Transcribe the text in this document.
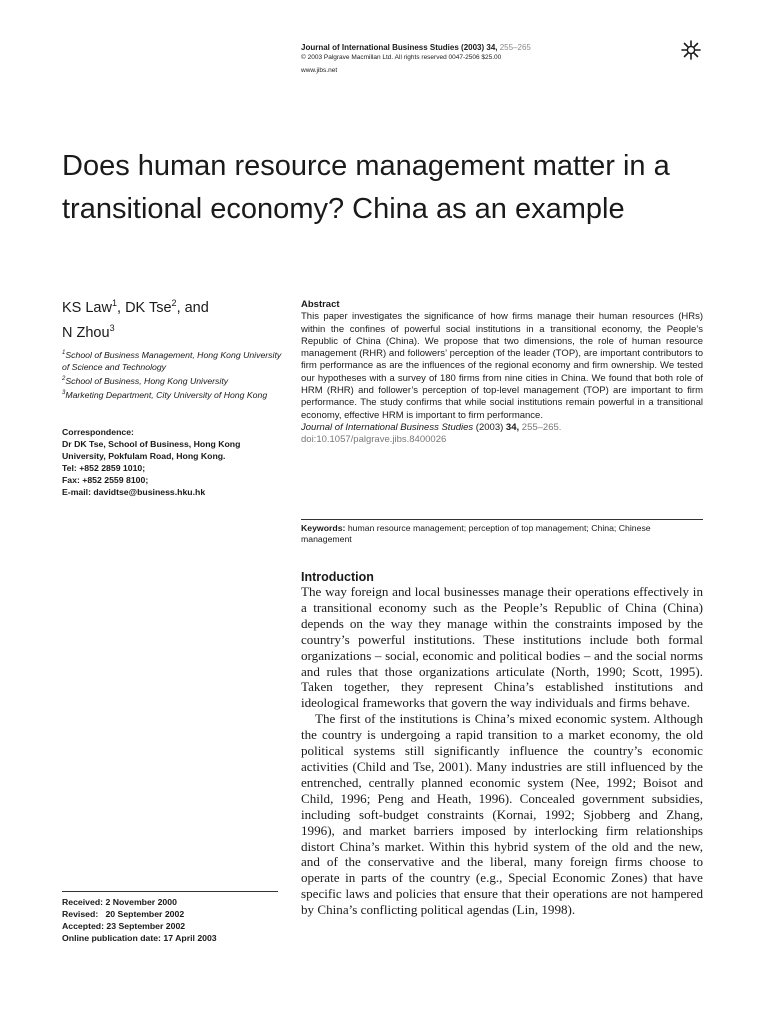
Journal of International Business Studies (2003) 34, 255–265
© 2003 Palgrave Macmillan Ltd. All rights reserved 0047-2506 $25.00
www.jibs.net
Does human resource management matter in a transitional economy? China as an example
KS Law$^1$, DK Tse$^2$, and
N Zhou$^3$

$^1$School of Business Management, Hong Kong University of Science and Technology

$^2$School of Business, Hong Kong University

$^3$Marketing Department, City University of Hong Kong

Correspondence:

Dr DK Tse, School of Business, Hong Kong University, Pokfulam Road, Hong Kong.

Tel: +852 2859 1010;

Fax: +852 2559 8100;

E-mail: davidtse@business.hku.hk

Abstract

This paper investigates the significance of how firms manage their human resources (HRs) within the confines of powerful social institutions in a transitional economy, the People’s Republic of China (China). We propose that two dimensions, the role of human resource management (RHR) and followers’ perception of the leader (TOP), are important contributors to firm performance as are the influences of the regional economy and firm ownership. We tested our hypotheses with a survey of 180 firms from nine cities in China. We found that both role of HRM (RHR) and follower’s perception of top-level management (TOP) are important to firm performance. The study confirms that while social institutions remain powerful in a transitional economy, effective HRM is important to firm performance.

Journal of International Business Studies (2003) 34, 255–265. doi:10.1057/palgrave.jibs.8400026

Keywords: human resource management; perception of top management; China; Chinese management
Introduction

The way foreign and local businesses manage their operations effectively in a transitional economy such as the People’s Republic of China (China) depends on the way they manage within the constraints imposed by the country’s powerful institutions. These institutions include both formal organizations – social, economic and political bodies – and the social norms and rules that those organizations articulate (North, 1990; Scott, 1995). Taken together, they represent China’s established institutions and ideological frameworks that govern the way individuals and firms behave.

The first of the institutions is China’s mixed economic system. Although the country is undergoing a rapid transition to a market economy, the old political systems still significantly influence the country’s economic activities (Child and Tse, 2001). Many industries are still influenced by the entrenched, centrally planned economic system (Nee, 1992; Boisot and Child, 1996; Peng and Heath, 1996). Concealed government subsidies, including soft-budget constraints (Kornai, 1992; Sjobberg and Zhang, 1996), and market barriers imposed by interlocking firm relationships distort China’s market. Within this hybrid system of the old and the new, and of the conservative and the liberal, many foreign firms choose to operate in parts of the country (e.g., Special Economic Zones) that have specific laws and policies that ensure that their operations are not hampered by China’s conflicting political agendas (Lin, 1998).

Received: 2 November 2000

Revised:   20 September 2002

Accepted: 23 September 2002

Online publication date: 17 April 2003
